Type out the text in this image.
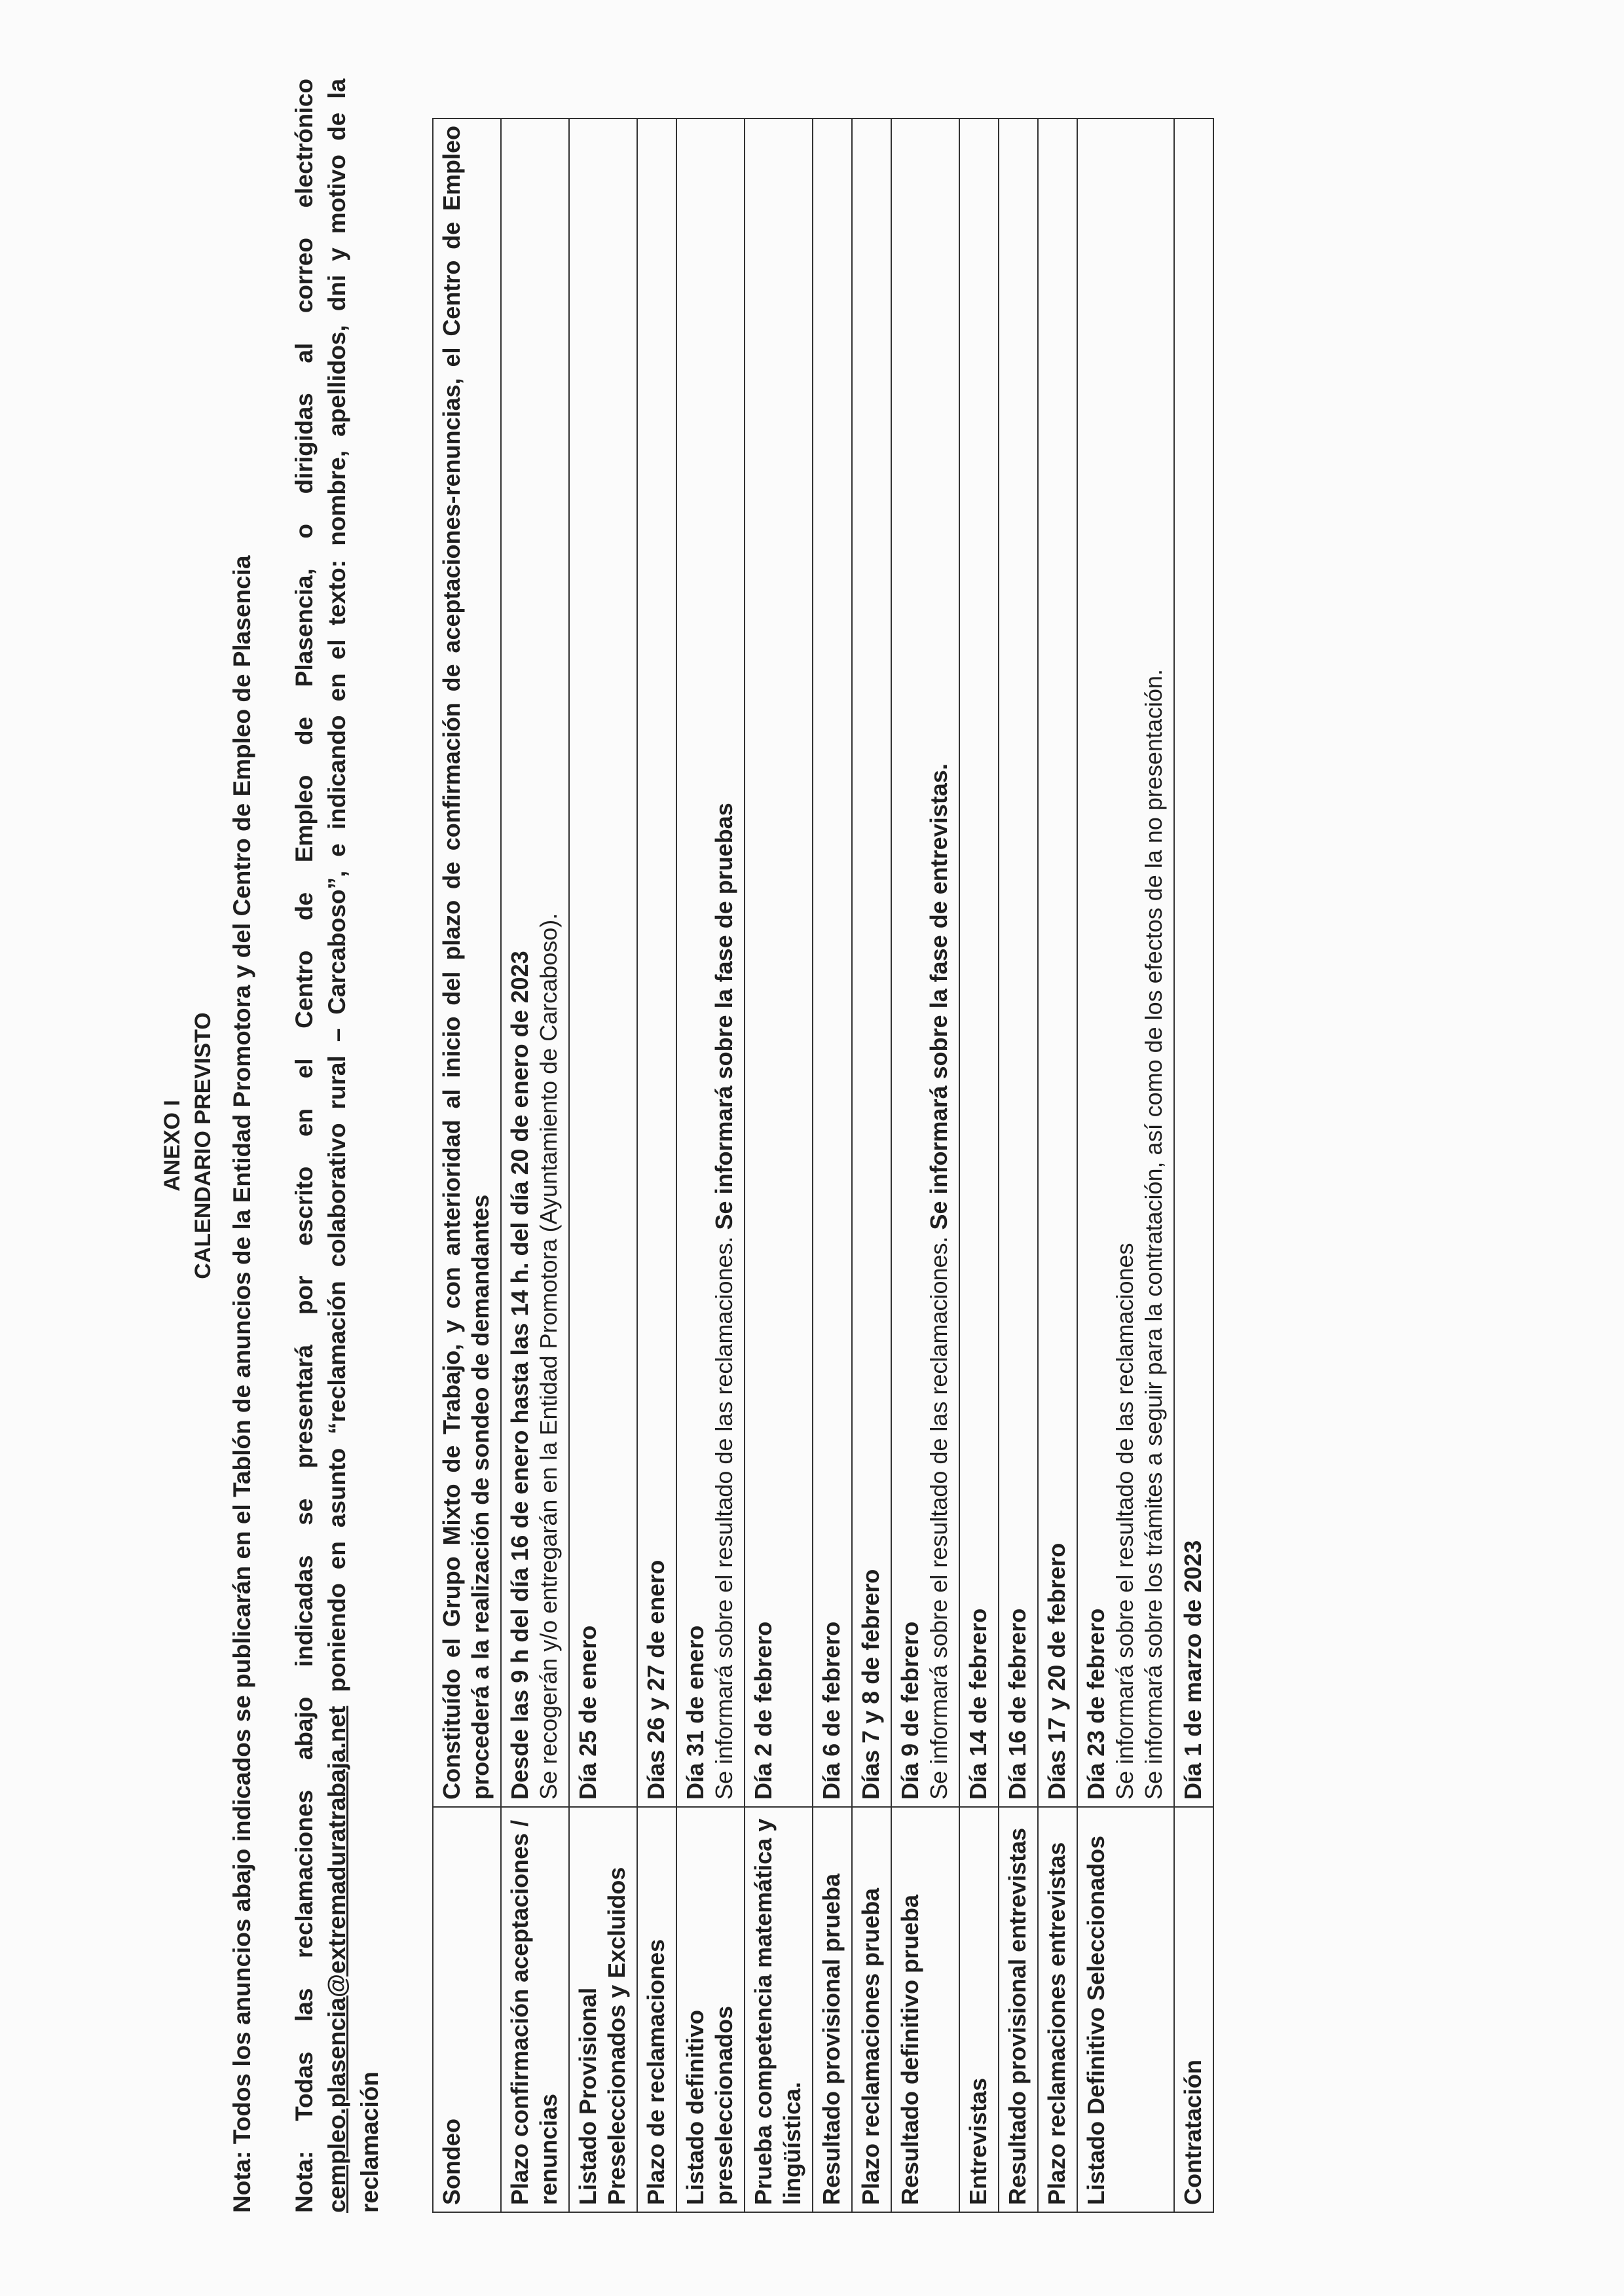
ANEXO I CALENDARIO PREVISTO Nota: Todos los anuncios abajo indicados se publicarán en el Tablón de anuncios de la Entidad Promotora y del Centro de Empleo de Plasencia Nota: Todas las reclamaciones abajo indicadas se presentará por escrito en el Centro de Empleo de Plasencia, o dirigidas al correo electrónico cempleo.plasencia@extremaduratrabaja.net poniendo en asunto “reclamación colaborativo rural – Carcaboso”, e indicando en el texto: nombre, apellidos, dni y motivo de la reclamación Sondeo	Constituído el Grupo Mixto de Trabajo, y con anterioridad al inicio del plazo de confirmación de aceptaciones-renuncias, el Centro de Empleo procederá a la realización de sondeo de demandantes

Plazo confirmación aceptaciones / renuncias	Desde las 9 h del día 16 de enero hasta las 14 h. del día 20 de enero de 2023 Se recogerán y/o entregarán en la Entidad Promotora (Ayuntamiento de Carcaboso).

Listado Provisional Preseleccionados y Excluidos	Día 25 de enero

Plazo de reclamaciones	Días 26 y 27 de enero

Listado definitivo preseleccionados	Día 31 de enero Se informará sobre el resultado de las reclamaciones. Se informará sobre la fase de pruebas

Prueba competencia matemática y lingüística.	Día 2 de febrero

Resultado provisional prueba	Día 6 de febrero

Plazo reclamaciones prueba	Días 7 y 8 de febrero

Resultado definitivo prueba	Día 9 de febrero Se informará sobre el resultado de las reclamaciones. Se informará sobre la fase de entrevistas.

Entrevistas	Día 14 de febrero

Resultado provisional entrevistas	Día 16 de febrero

Plazo reclamaciones entrevistas	Días 17 y 20 de febrero

Listado Definitivo Seleccionados	Día 23 de febrero Se informará sobre el resultado de las reclamaciones Se informará sobre los trámites a seguir para la contratación, así como de los efectos de la no presentación.

Contratación	Día 1 de marzo de 2023
